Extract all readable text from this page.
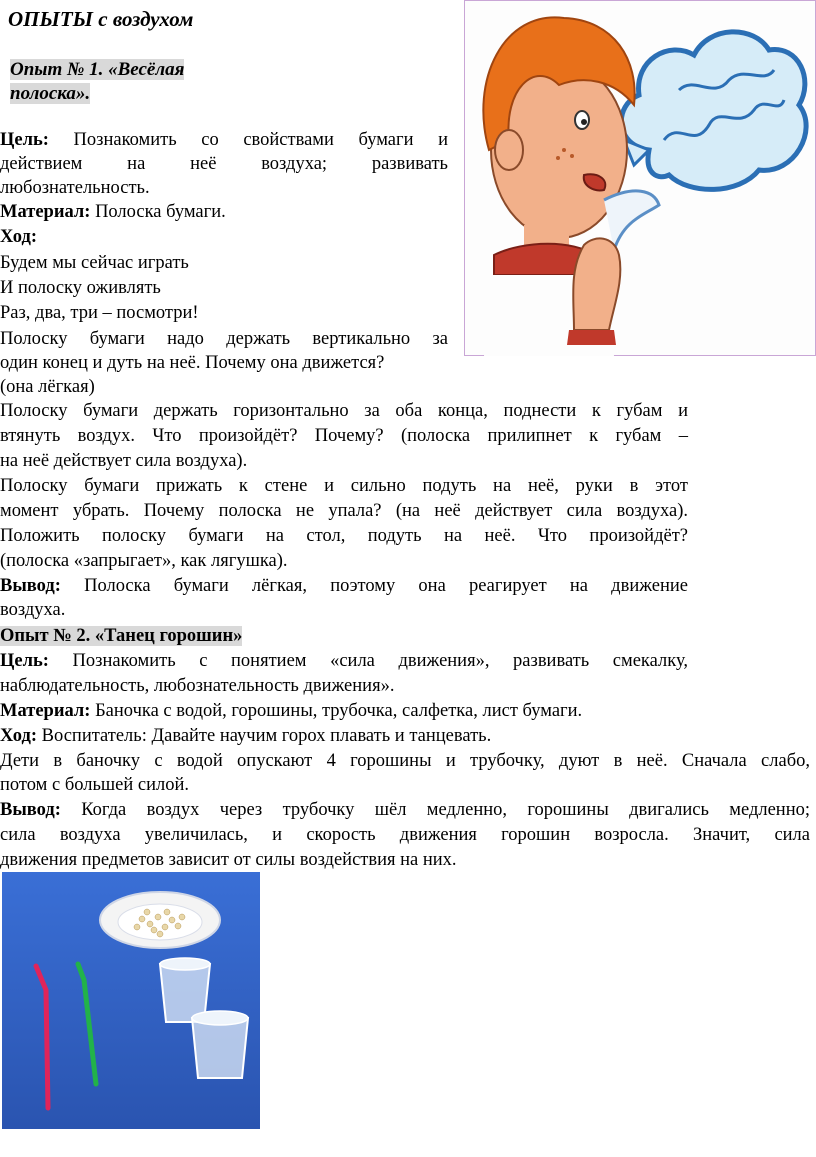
ОПЫТЫ с воздухом
Опыт № 1. «Весёлая полоска».
Цель: Познакомить со свойствами бумаги и
действием на неё воздуха; развивать
любознательность.
Материал: Полоска бумаги.
Ход:
Будем мы сейчас играть
И полоску оживлять
Раз, два, три – посмотри!
Полоску бумаги надо держать вертикально за
один конец и дуть на неё. Почему она движется?
(она лёгкая)
Полоску бумаги держать горизонтально за оба конца, поднести к губам и
втянуть воздух. Что произойдёт? Почему? (полоска прилипнет к губам –
на неё действует сила воздуха).
Полоску бумаги прижать к стене и сильно подуть на неё, руки в этот
момент убрать. Почему полоска не упала? (на неё действует сила воздуха).
Положить полоску бумаги на стол, подуть на неё. Что произойдёт?
(полоска «запрыгает», как лягушка).
Вывод: Полоска бумаги лёгкая, поэтому она реагирует на движение
воздуха.
Опыт № 2. «Танец горошин»
Цель: Познакомить с понятием «сила движения», развивать смекалку,
наблюдательность, любознательность движения».
Материал: Баночка с водой, горошины, трубочка, салфетка, лист бумаги.
Ход: Воспитатель: Давайте научим горох плавать и танцевать.
Дети в баночку с водой опускают 4 горошины и трубочку, дуют в неё. Сначала слабо,
потом с большей силой.
Вывод: Когда воздух через трубочку шёл медленно, горошины двигались медленно;
сила воздуха увеличилась, и скорость движения горошин возросла. Значит, сила
движения предметов зависит от силы воздействия на них.
